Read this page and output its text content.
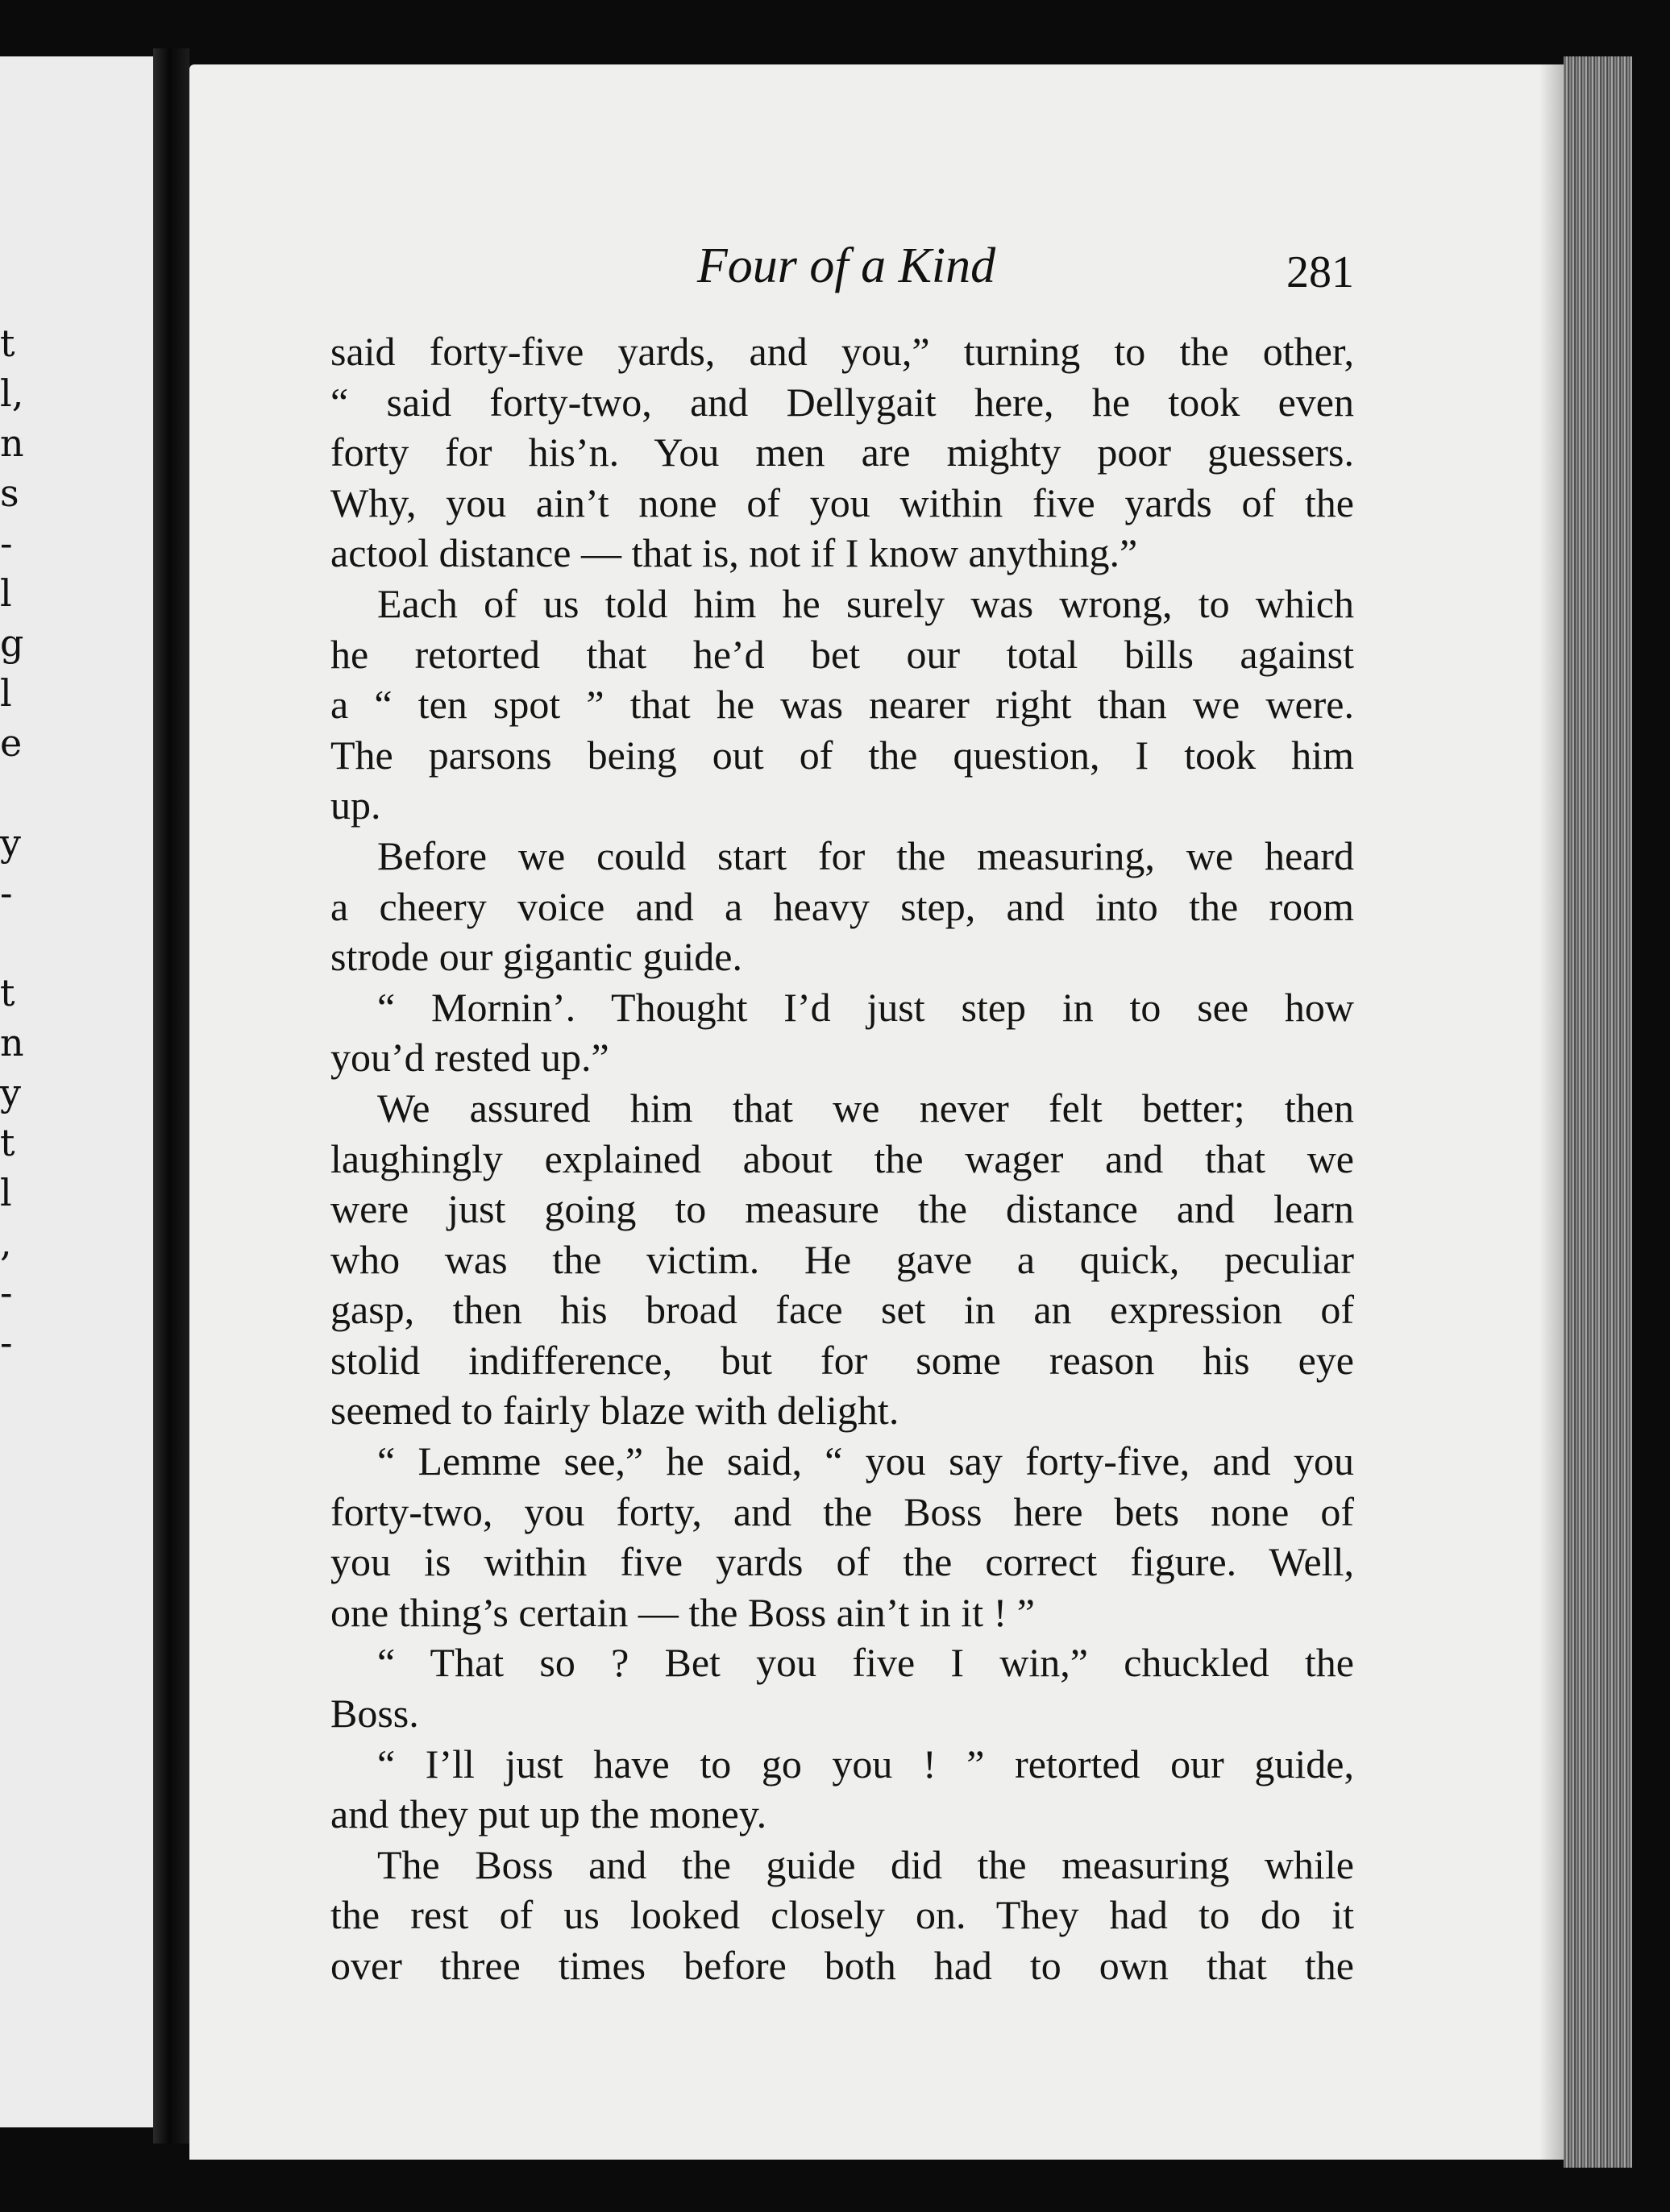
t
l,
n
s
-
l
g
l
e
y
-
t
n
y
t
l
,
-
-
Four of a Kind	281
said forty-five yards, and you,” turning to the other,
“ said forty-two, and Dellygait here, he took even
forty for his’n. You men are mighty poor guessers.
Why, you ain’t none of you within five yards of the
actool distance — that is, not if I know anything.”
Each of us told him he surely was wrong, to which
he retorted that he’d bet our total bills against
a “ ten spot ” that he was nearer right than we were.
The parsons being out of the question, I took him
up.
Before we could start for the measuring, we heard
a cheery voice and a heavy step, and into the room
strode our gigantic guide.
“ Mornin’. Thought I’d just step in to see how
you’d rested up.”
We assured him that we never felt better; then
laughingly explained about the wager and that we
were just going to measure the distance and learn
who was the victim. He gave a quick, peculiar
gasp, then his broad face set in an expression of
stolid indifference, but for some reason his eye
seemed to fairly blaze with delight.
“ Lemme see,” he said, “ you say forty-five, and you
forty-two, you forty, and the Boss here bets none of
you is within five yards of the correct figure. Well,
one thing’s certain — the Boss ain’t in it ! ”
“ That so ? Bet you five I win,” chuckled the
Boss.
“ I’ll just have to go you ! ” retorted our guide,
and they put up the money.
The Boss and the guide did the measuring while
the rest of us looked closely on. They had to do it
over three times before both had to own that the
